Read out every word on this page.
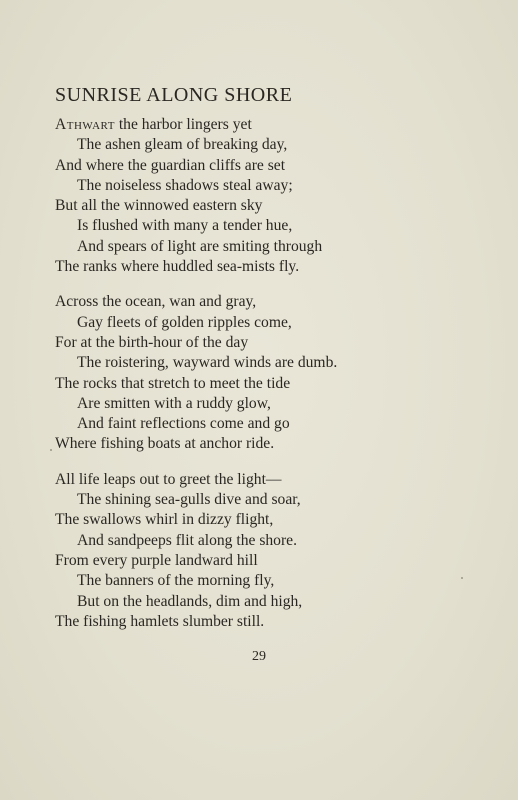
SUNRISE ALONG SHORE
Athwart the harbor lingers yet
The ashen gleam of breaking day,
And where the guardian cliffs are set
The noiseless shadows steal away;
But all the winnowed eastern sky
Is flushed with many a tender hue,
And spears of light are smiting through
The ranks where huddled sea-mists fly.
Across the ocean, wan and gray,
Gay fleets of golden ripples come,
For at the birth-hour of the day
The roistering, wayward winds are dumb.
The rocks that stretch to meet the tide
Are smitten with a ruddy glow,
And faint reflections come and go
Where fishing boats at anchor ride.
All life leaps out to greet the light—
The shining sea-gulls dive and soar,
The swallows whirl in dizzy flight,
And sandpeeps flit along the shore.
From every purple landward hill
The banners of the morning fly,
But on the headlands, dim and high,
The fishing hamlets slumber still.
29
